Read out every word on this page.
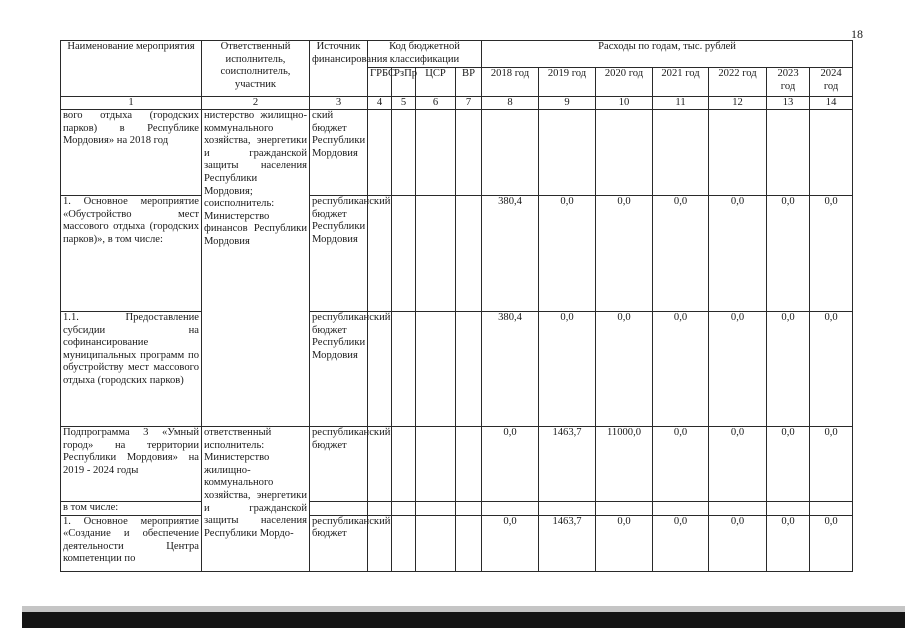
18
Наименование мероприятия	Ответственный исполнитель, соисполнитель, участник	Источник финансирования	Код бюджетной классификации				Расходы по годам, тыс. рублей						
			ГРБС	РзПр	ЦСР	ВР	2018 год	2019 год	2020 год	2021 год	2022 год	2023 год	2024 год
1	2	3	4	5	6	7	8	9	10	11	12	13	14
вого отдыха (городских парков) в Республике Мордовия» на 2018 год	нистерство жилищно-коммунального хозяйства, энергетики и гражданской защиты населения Республики Мордовия; соисполнитель: Министерство финансов Республики Мордовия	ский бюджет Республики Мордовия											
1. Основное мероприятие «Обустройство мест массового отдыха (городских парков)», в том числе:		республиканский бюджет Республики Мордовия					380,4	0,0	0,0	0,0	0,0	0,0	0,0
1.1. Предоставление субсидии на софинансирование муниципальных программ по обустройству мест массового отдыха (городских парков)		республиканский бюджет Республики Мордовия					380,4	0,0	0,0	0,0	0,0	0,0	0,0
Подпрограмма 3 «Умный город» на территории Республики Мордовия» на 2019 - 2024 годы	ответственный исполнитель: Министерство жилищно-коммунального хозяйства, энергетики и гражданской защиты населения Республики Мордо-	республиканский бюджет					0,0	1463,7	11000,0	0,0	0,0	0,0	0,0
в том числе:													
1. Основное мероприятие «Создание и обеспечение деятельности Центра компетенции по		республиканский бюджет					0,0	1463,7	0,0	0,0	0,0	0,0	0,0
